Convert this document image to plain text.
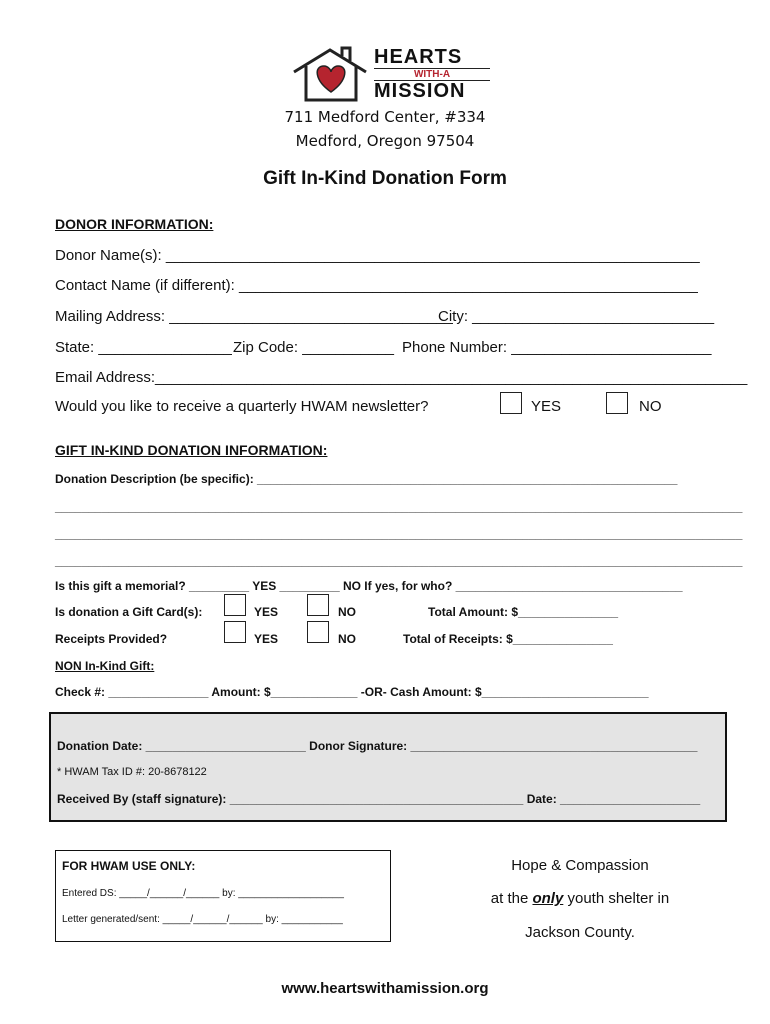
HEARTS
WITH-A
MISSION
711 Medford Center, #334
Medford, Oregon 97504
Gift In-Kind Donation Form
DONOR INFORMATION:
Donor Name(s): ________________________________________________________________
Contact Name (if different): _______________________________________________________
Mailing Address: __________________________________
City: _____________________________
State: ________________ Zip Code: ___________ Phone Number: ________________________
Email Address:_______________________________________________________________________
Would you like to receive a quarterly HWAM newsletter?	YES	NO
GIFT IN-KIND DONATION INFORMATION:
Donation Description (be specific): _______________________________________________________________
_______________________________________________________________________________________________________
_______________________________________________________________________________________________________
_______________________________________________________________________________________________________
Is this gift a memorial? _________ YES _________ NO If yes, for who? __________________________________
Is donation a Gift Card(s):	YES	NO	Total Amount: $_______________
Receipts Provided?	YES	NO	Total of Receipts: $_______________
NON In-Kind Gift:
Check #: _______________ Amount: $_____________ -OR- Cash Amount: $_________________________
Donation Date: ________________________ Donor Signature: ___________________________________________
* HWAM Tax ID #: 20-8678122
Received By (staff signature): ____________________________________________ Date: _____________________
FOR HWAM USE ONLY:
Entered DS: _____/______/______ by: ___________________
Letter generated/sent: _____/______/______ by: ___________
Hope & Compassion
at the only youth shelter in
Jackson County.
www.heartswithamission.org
